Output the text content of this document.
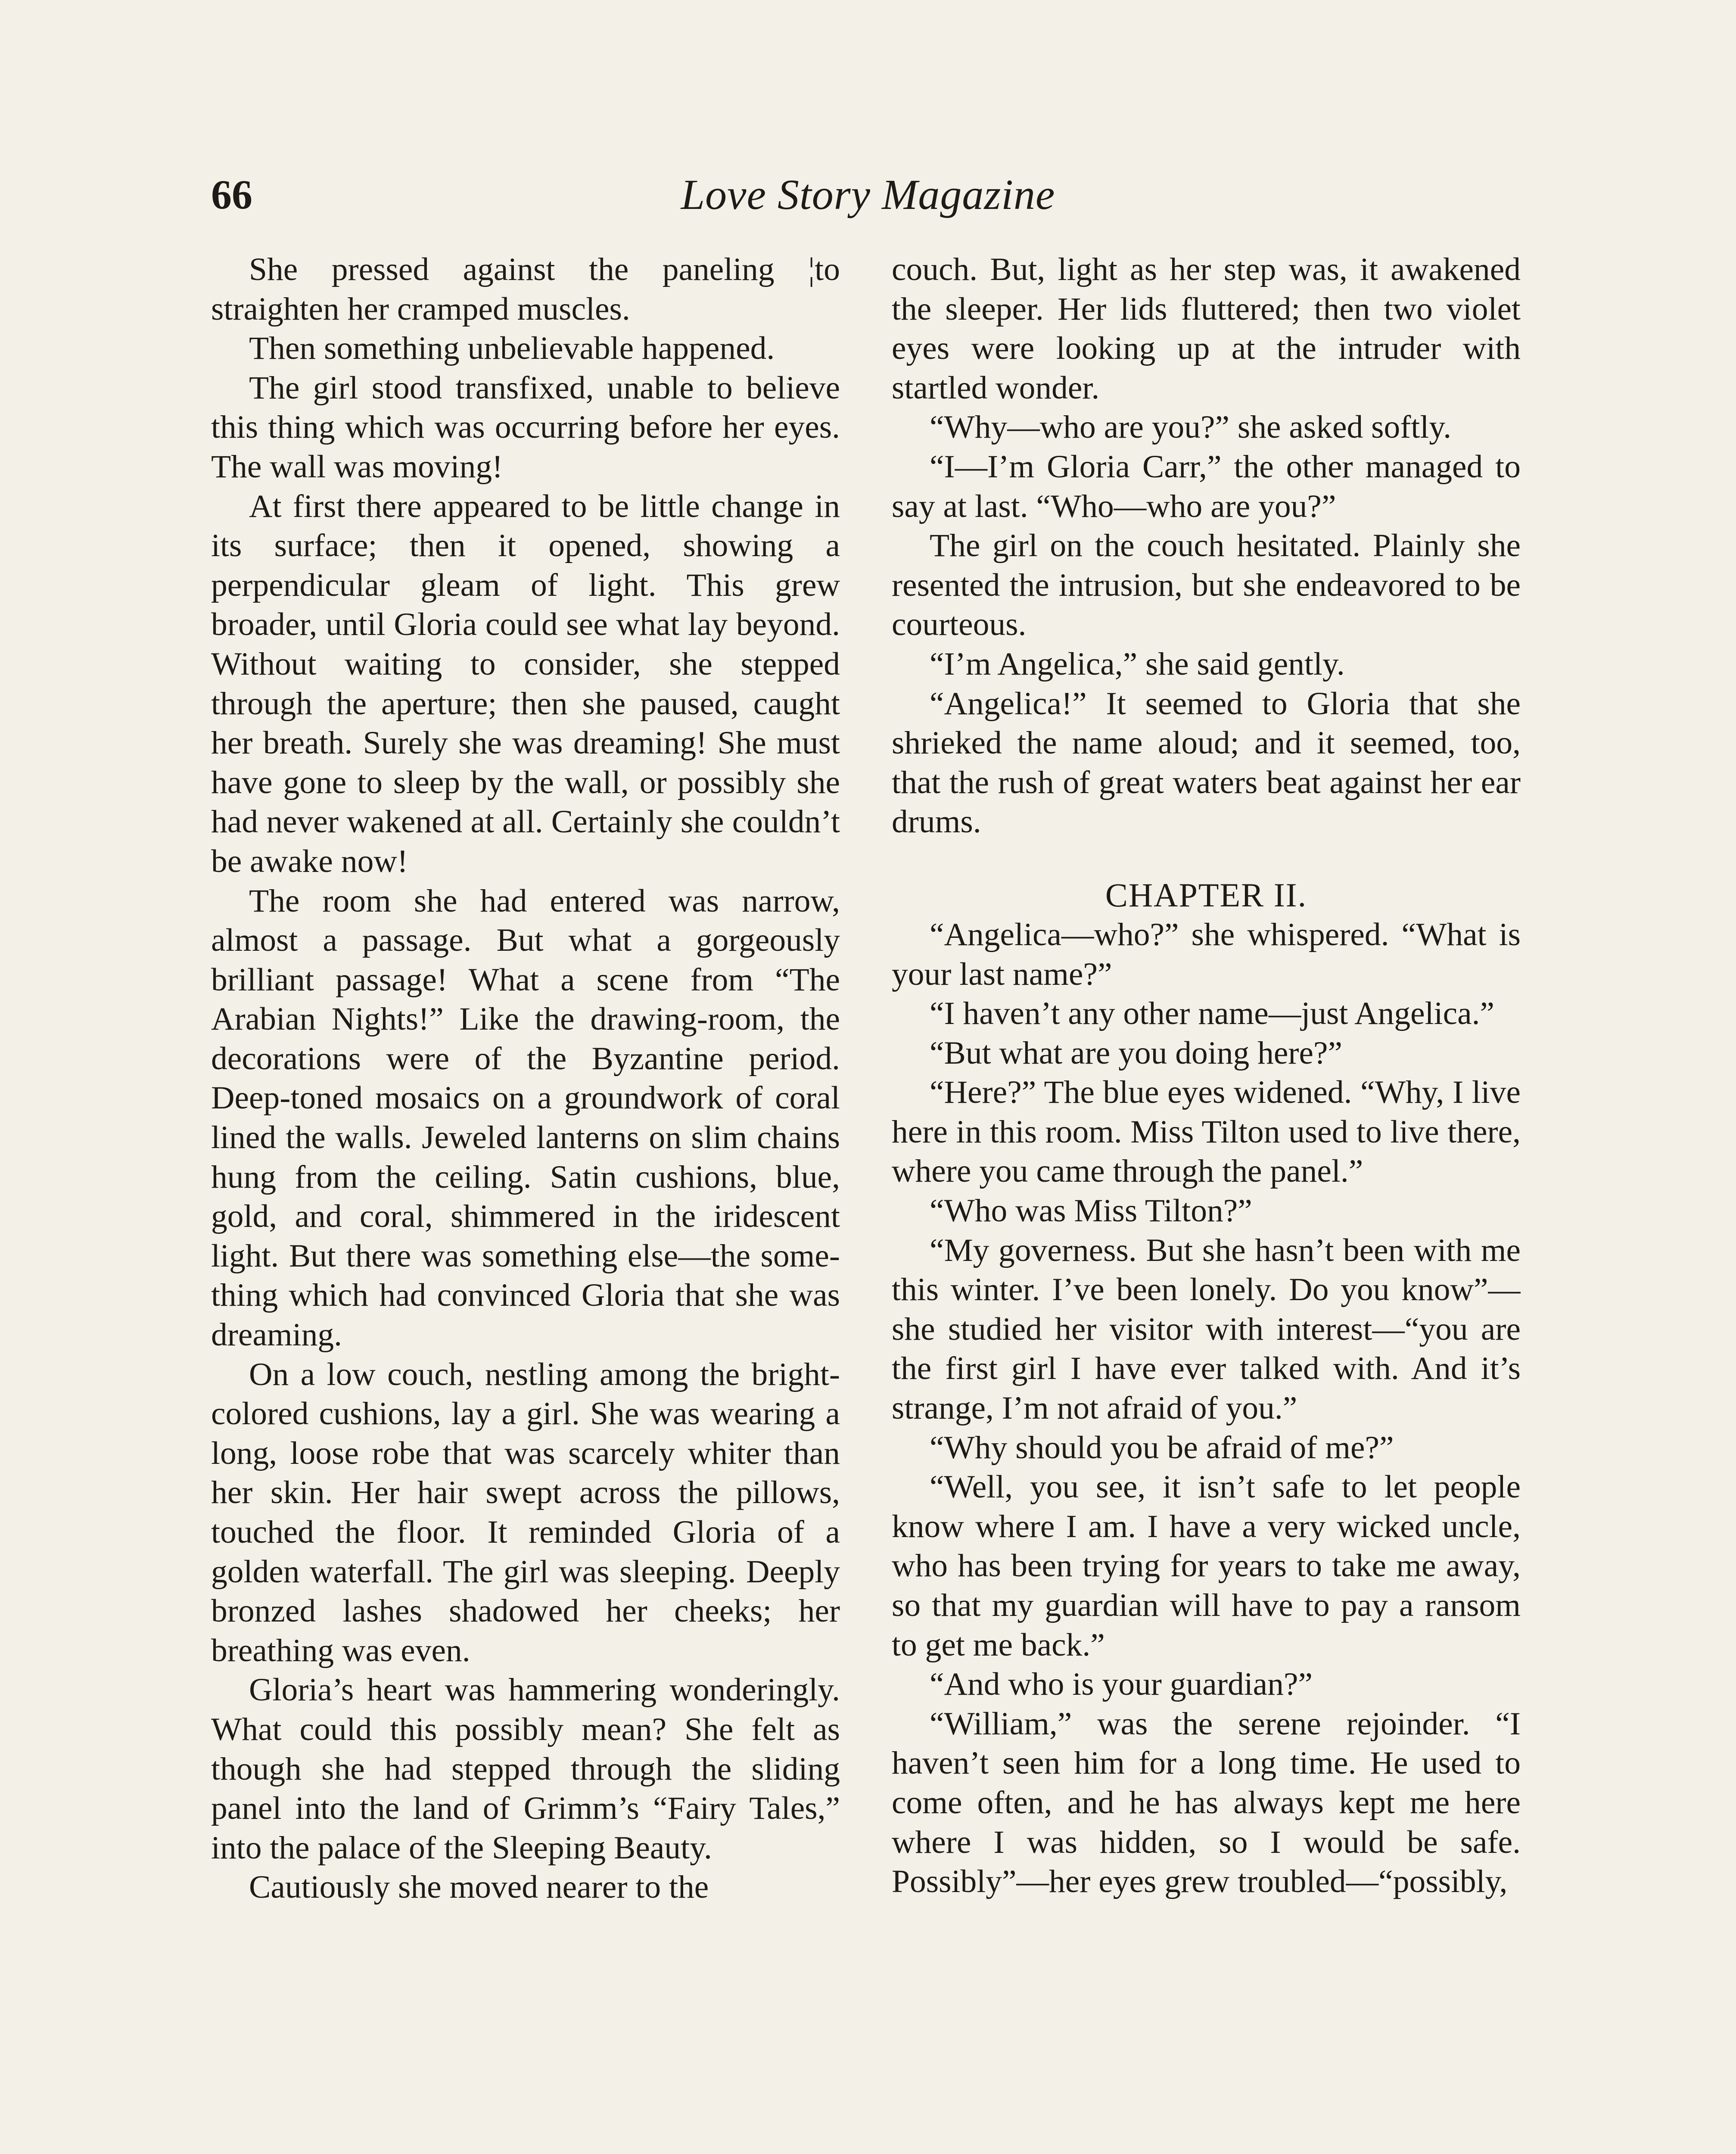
66	Love Story Magazine

She pressed against the paneling ¦to straighten her cramped muscles.

Then something unbelievable happened.

The girl stood transfixed, unable to believe this thing which was occurring before her eyes. The wall was moving!

At first there appeared to be little change in its surface; then it opened, showing a perpendicular gleam of light. This grew broader, until Gloria could see what lay beyond. Without waiting to consider, she stepped through the aperture; then she paused, caught her breath. Surely she was dreaming! She must have gone to sleep by the wall, or possibly she had never wakened at all. Certainly she couldn’t be awake now!

The room she had entered was narrow, almost a passage. But what a gorgeously brilliant passage! What a scene from “The Arabian Nights!” Like the drawing-room, the decorations were of the Byzantine period. Deep-toned mosaics on a groundwork of coral lined the walls. Jeweled lanterns on slim chains hung from the ceiling. Satin cushions, blue, gold, and coral, shimmered in the iridescent light. But there was something else—the something which had convinced Gloria that she was dreaming.

On a low couch, nestling among the bright-colored cushions, lay a girl. She was wearing a long, loose robe that was scarcely whiter than her skin. Her hair swept across the pillows, touched the floor. It reminded Gloria of a golden waterfall. The girl was sleeping. Deeply bronzed lashes shadowed her cheeks; her breathing was even.

Gloria’s heart was hammering wonderingly. What could this possibly mean? She felt as though she had stepped through the sliding panel into the land of Grimm’s “Fairy Tales,” into the palace of the Sleeping Beauty.

Cautiously she moved nearer to the

couch. But, light as her step was, it awakened the sleeper. Her lids fluttered; then two violet eyes were looking up at the intruder with startled wonder.

“Why—who are you?” she asked softly.

“I—I’m Gloria Carr,” the other managed to say at last. “Who—who are you?”

The girl on the couch hesitated. Plainly she resented the intrusion, but she endeavored to be courteous.

“I’m Angelica,” she said gently.

“Angelica!” It seemed to Gloria that she shrieked the name aloud; and it seemed, too, that the rush of great waters beat against her ear drums.

CHAPTER II.

“Angelica—who?” she whispered. “What is your last name?”

“I haven’t any other name—just Angelica.”

“But what are you doing here?”

“Here?” The blue eyes widened. “Why, I live here in this room. Miss Tilton used to live there, where you came through the panel.”

“Who was Miss Tilton?”

“My governess. But she hasn’t been with me this winter. I’ve been lonely. Do you know”—she studied her visitor with interest—“you are the first girl I have ever talked with. And it’s strange, I’m not afraid of you.”

“Why should you be afraid of me?”

“Well, you see, it isn’t safe to let people know where I am. I have a very wicked uncle, who has been trying for years to take me away, so that my guardian will have to pay a ransom to get me back.”

“And who is your guardian?”

“William,” was the serene rejoinder. “I haven’t seen him for a long time. He used to come often, and he has always kept me here where I was hidden, so I would be safe. Possibly”—her eyes grew troubled—“possibly,
